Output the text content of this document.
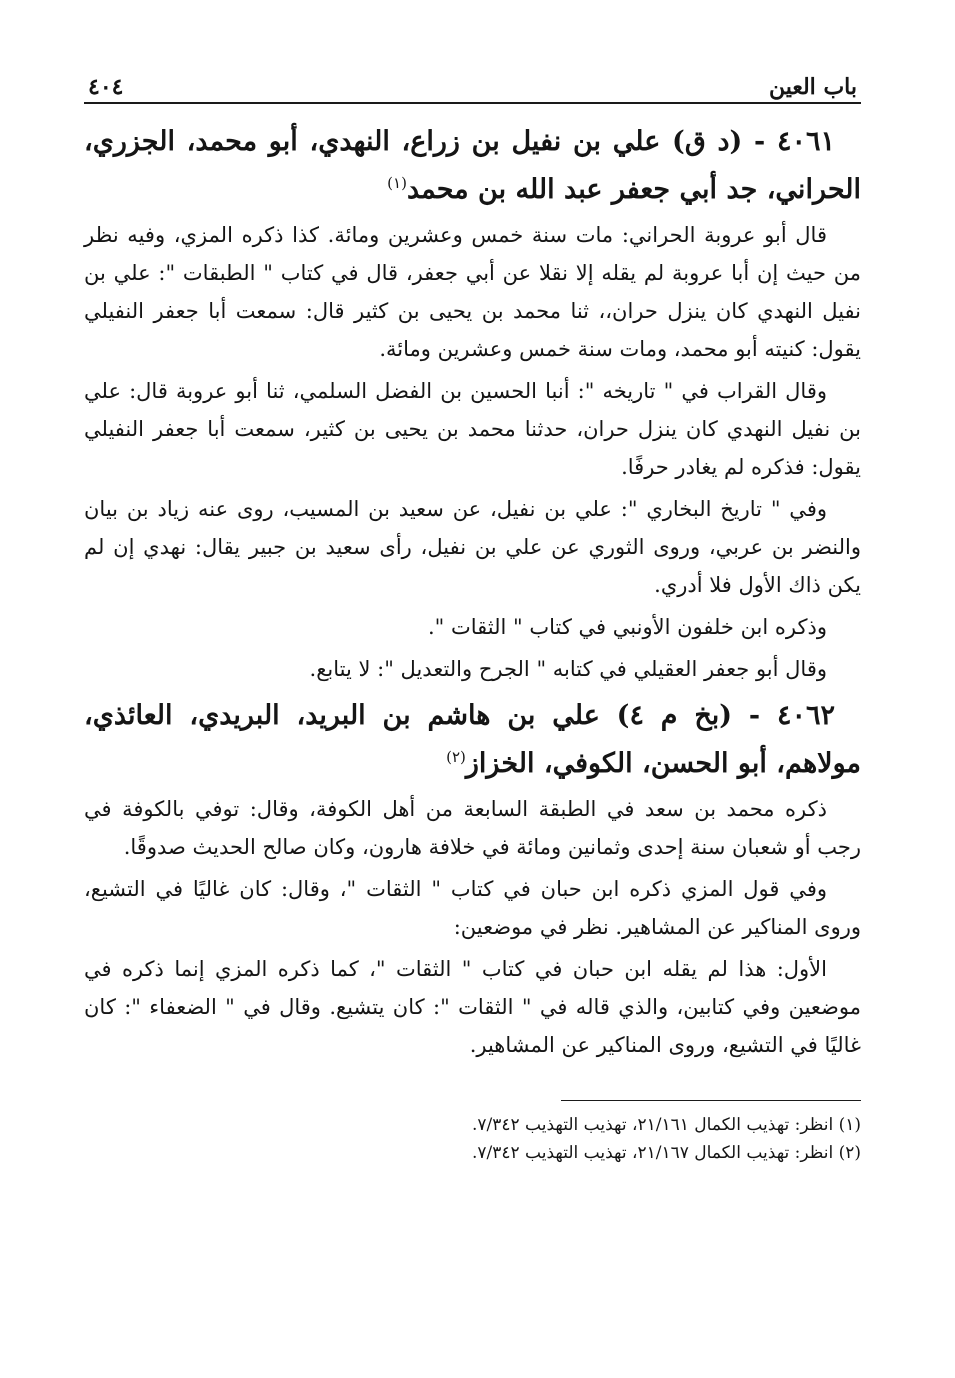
باب العين
٤٠٤

٤٠٦١ - (د ق) علي بن نفيل بن زراع، النهدي، أبو محمد، الجزري، الحراني، جد أبي جعفر عبد الله بن محمد$^{(١)}$

قال أبو عروبة الحراني: مات سنة خمس وعشرين ومائة. كذا ذكره المزي، وفيه نظر من حيث إن أبا عروبة لم يقله إلا نقلا عن أبي جعفر، قال في كتاب " الطبقات ": علي بن نفيل النهدي كان ينزل حران،، ثنا محمد بن يحيى بن كثير قال: سمعت أبا جعفر النفيلي يقول: كنيته أبو محمد، ومات سنة خمس وعشرين ومائة.

وقال القراب في " تاريخه ": أنبا الحسين بن الفضل السلمي، ثنا أبو عروبة قال: علي بن نفيل النهدي كان ينزل حران، حدثنا محمد بن يحيى بن كثير، سمعت أبا جعفر النفيلي يقول: فذكره لم يغادر حرفًا.

وفي " تاريخ البخاري ": علي بن نفيل، عن سعيد بن المسيب، روى عنه زياد بن بيان والنضر بن عربي، وروى الثوري عن علي بن نفيل، رأى سعيد بن جبير يقال: نهدي إن لم يكن ذاك الأول فلا أدري.

وذكره ابن خلفون الأونبي في كتاب " الثقات ".

وقال أبو جعفر العقيلي في كتابه " الجرح والتعديل ": لا يتابع.

٤٠٦٢ - (بخ م ٤) علي بن هاشم بن البريد، البريدي، العائذي، مولاهم، أبو الحسن، الكوفي، الخزاز$^{(٢)}$

ذكره محمد بن سعد في الطبقة السابعة من أهل الكوفة، وقال: توفي بالكوفة في رجب أو شعبان سنة إحدى وثمانين ومائة في خلافة هارون، وكان صالح الحديث صدوقًا.

وفي قول المزي ذكره ابن حبان في كتاب " الثقات "، وقال: كان غاليًا في التشيع، وروى المناكير عن المشاهير. نظر في موضعين:

الأول: هذا لم يقله ابن حبان في كتاب " الثقات "، كما ذكره المزي إنما ذكره في موضعين وفي كتابين، والذي قاله في " الثقات ": كان يتشيع. وقال في " الضعفاء ": كان غاليًا في التشيع، وروى المناكير عن المشاهير.

(١) انظر: تهذيب الكمال ٢١/١٦١، تهذيب التهذيب ٧/٣٤٢.
(٢) انظر: تهذيب الكمال ٢١/١٦٧، تهذيب التهذيب ٧/٣٤٢.
